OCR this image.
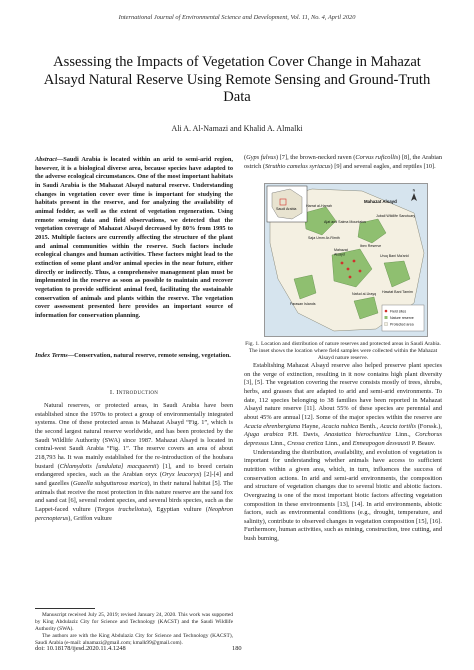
International Journal of Environmental Science and Development, Vol. 11, No. 4, April 2020
Assessing the Impacts of Vegetation Cover Change in Mahazat Alsayd Natural Reserve Using Remote Sensing and Ground-Truth Data
Ali A. Al-Namazi and Khalid A. Almalki
Abstract—Saudi Arabia is located within an arid to semi-arid region, however, it is a biological diverse area, because species have adapted to the adverse ecological circumstances. One of the most important habitats in Saudi Arabia is the Mahazat Alsayd natural reserve. Understanding changes in vegetation cover over time is important for studying the habitats present in the reserve, and for analyzing the availability of animal fodder, as well as the extent of vegetation regeneration. Using remote sensing data and field observations, we detected that the vegetation coverage of Mahazat Alsayd decreased by 80% from 1995 to 2015. Multiple factors are currently affecting the structure of the plant and animal communities within the reserve. Such factors include ecological changes and human activities. These factors might lead to the extinction of some plant and/or animal species in the near future, either directly or indirectly. Thus, a comprehensive management plan must be implemented in the reserve as soon as possible to maintain and recover vegetation to provide sufficient animal feed, facilitating the sustainable conservation of animals and plants within the reserve. The vegetation cover assessment presented here provides an important source of information for conservation planning.
Index Terms—Conservation, natural reserve, remote sensing, vegetation.
I. Introduction

Natural reserves, or protected areas, in Saudi Arabia have been established since the 1970s to protect a group of environmentally integrated systems. One of these protected areas is Mahazat Alsayd “Fig. 1”, which is the second largest natural reserve worldwide, and has been protected by the Saudi Wildlife Authority (SWA) since 1987. Mahazat Alsayd is located in central-west Saudi Arabia “Fig. 1”. The reserve covers an area of about 218,793 ha. It was mainly established for the re-introduction of the houbara bustard (Chlamydotis [undulata] macqueenii) [1], and to breed certain endangered species, such as the Arabian oryx (Oryx leucoryx) [2]-[4] and sand gazelles (Gazella subgutturosa marica), in their natural habitat [5]. The animals that receive the most protection in this nature reserve are the sand fox and sand cat [6], several rodent species, and several birds species, such as the Lappet-faced vulture (Torgos tracheliotus), Egyptian vulture (Neophron percnopterus), Griffon vulture

Manuscript received July 25, 2019; revised January 24, 2020. This work was supported by King Abdulaziz City for Science and Technology (KACST) and the Saudi Wildlife Authority (SWA).

The authors are with the King Abdulaziz City for Science and Technology (KACST), Saudi Arabia (e-mail: alnamazi@gmail.com; kmalk99@gmail.com).

doi: 10.18178/ijesd.2020.11.4.1248	180
(Gyps fulvus) [7], the brown-necked raven (Corvus ruficollis) [8], the Arabian ostrich (Struthio camelus syriacus) [9] and several eagles, and reptiles [10].
Saudi Arabia
Mahazat Alsayd
Mahazat
Alsayd
Saja Umm Ar-Rimth
Ibex Reserve
Uruq Bani Ma'arid
Harrat al-Harrah
Farasan Islands
Hawtat Bani Tamim
Nafud al-Urayq
Jubail Wildlife Sanctuary
Ajat and Salma Mountains
Field sites
Nature reserve
Protected area
N
Fig. 1. Location and distribution of nature reserves and protected areas in Saudi Arabia. The inset shows the location where field samples were collected within the Mahazat Alsayd nature reserve.

Establishing Mahazat Alsayd reserve also helped preserve plant species on the verge of extinction, resulting in it now contains high plant diversity [3], [5]. The vegetation covering the reserve consists mostly of trees, shrubs, herbs, and grasses that are adapted to arid and semi-arid environments. To date, 112 species belonging to 38 families have been reported in Mahazat Alsayd nature reserve [11]. About 55% of these species are perennial and about 45% are annual [12]. Some of the major species within the reserve are Acacia ehrenbergiana Hayne, Acacia nubica Benth., Acacia tortilis (Forssk.), Ajuga arabica P.H. Davis, Anastatica hierochuntica Linn., Corchorus depressus Linn., Cressa cretica Linn., and Enneapogon desvauxii P. Beauv.

Understanding the distribution, availability, and evolution of vegetation is important for understanding whether animals have access to sufficient nutrition within a given area, which, in turn, influences the success of conservation actions. In arid and semi-arid environments, the composition and structure of vegetation changes due to several biotic and abiotic factors. Overgrazing is one of the most important biotic factors affecting vegetation composition in these environments [13], [14]. In arid environments, abiotic factors, such as environmental conditions (e.g., drought, temperature, and salinity), contribute to observed changes in vegetation composition [15], [16]. Furthermore, human activities, such as mining, construction, tree cutting, and bush burning,
